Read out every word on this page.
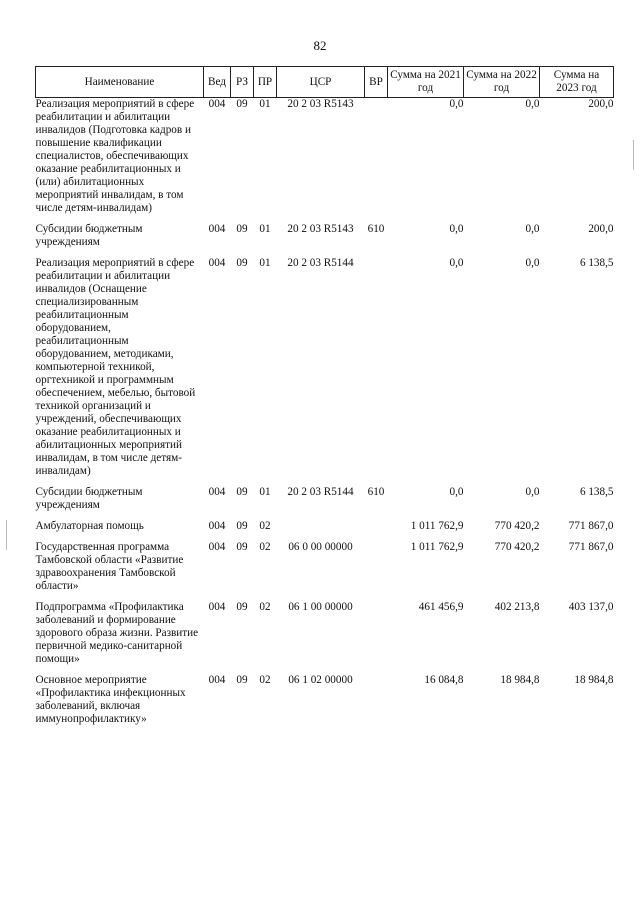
82
Наименование	Вед	РЗ	ПР	ЦСР	ВР	Сумма на 2021 год	Сумма на 2022 год	Сумма на 2023 год
Реализация мероприятий в сфере реабилитации и абилитации инвалидов (Подготовка кадров и повышение квалификации специалистов, обеспечивающих оказание реабилитационных и (или) абилитационных мероприятий инвалидам, в том числе детям-инвалидам)	004	09	01	20 2 03 R5143		0,0	0,0	200,0

Субсидии бюджетным учреждениям	004	09	01	20 2 03 R5143	610	0,0	0,0	200,0

Реализация мероприятий в сфере реабилитации и абилитации инвалидов (Оснащение специализированным реабилитационным оборудованием, реабилитационным оборудованием, методиками, компьютерной техникой, оргтехникой и программным обеспечением, мебелью, бытовой техникой организаций и учреждений, обеспечивающих оказание реабилитационных и абилитационных мероприятий инвалидам, в том числе детям-инвалидам)	004	09	01	20 2 03 R5144		0,0	0,0	6 138,5

Субсидии бюджетным учреждениям	004	09	01	20 2 03 R5144	610	0,0	0,0	6 138,5

Амбулаторная помощь	004	09	02			1 011 762,9	770 420,2	771 867,0

Государственная программа Тамбовской области «Развитие здравоохранения Тамбовской области»	004	09	02	06 0 00 00000		1 011 762,9	770 420,2	771 867,0

Подпрограмма «Профилактика заболеваний и формирование здорового образа жизни. Развитие первичной медико-санитарной помощи»	004	09	02	06 1 00 00000		461 456,9	402 213,8	403 137,0

Основное мероприятие «Профилактика инфекционных заболеваний, включая иммунопрофилактику»	004	09	02	06 1 02 00000		16 084,8	18 984,8	18 984,8
